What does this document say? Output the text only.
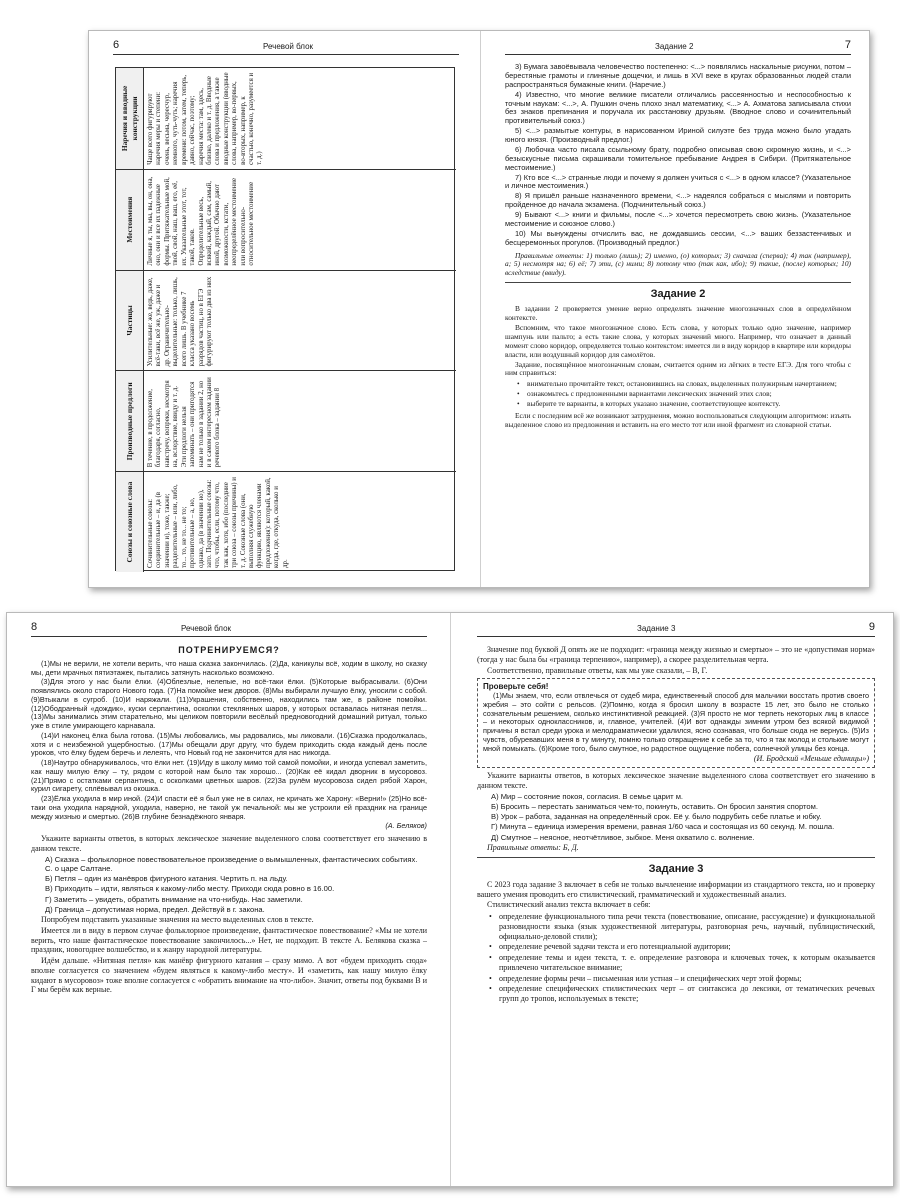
6	Речевой блок
Союзы и союзные слова	Сочинительные союзы: соединительные – и, да (в значении и), тоже, также; разделительные – или, либо, то... то, не то... не то; противительные – а, но, однако, да (в значении но), зато. Подчинительные союзы: что, чтобы, если, потому что, так как, хотя, ибо (последние три союза – союзы причины) и т. д. Союзные слова (они, выполняя служебную функцию, являются членами предложения): который, какой, когда, где, откуда, сколько и др.
Производные предлоги	В течение, в продолжение, благодаря, согласно, навстречу, вопреки, несмотря на, вследствие, ввиду и т. д. Эти предлоги нельзя запоминать – они пригодятся нам не только в задании 2, но и в самом интересном задании речевого блока – задании 8
Частицы	Усилительные: же, ведь, даже, всё-таки, всё же, уж, даже и др. Ограничительно-выделительные: только, лишь, всего лишь. В учебнике 7 класса указано восемь разрядов частиц, но в ЕГЭ фигурируют только два из них
Местоимения	Личные я, ты, мы, вы, он, она, оно, они и все их падежные формы. Притяжательные мой, твой, свой, наш, ваш, его, её, их. Указательные этот, тот, такой, таков. Определительные весь, всякий, каждый, сам, самый, иной, другой. Обычно дают возможности, кстати, неопределённое местоимение или вопросительно-относительное местоимение
Наречия и вводные конструкции	Чаще всего фигурируют наречия меры и степени: очень, весьма, чересчур, немного, чуть-чуть; наречия времени: потом, затем, теперь, давно, сейчас, поэтому; наречия места: там, здесь, близко, далеко и т. д. Вводные слова и предложения, а также вводные конструкции (вводные слова, например, во-первых, во-вторых, например, к счастью, конечно, разумеется и т. д.)
Задание 2	7

3) Бумага завоёвывала человечество постепенно: <...> появлялись наскальные рисунки, потом – берестяные грамоты и глиняные дощечки, и лишь в XVI веке в кругах образованных людей стали распространяться бумажные книги. (Наречие.)

4) Известно, что многие великие писатели отличались рассеянностью и неспособностью к точным наукам: <...>, А. Пушкин очень плохо знал математику, <...> А. Ахматова записывала стихи без знаков препинания и поручала их расстановку друзьям. (Вводное слово и сочинительный противительный союз.)

5) <...> размытые контуры, в нарисованном Ириной силуэте без труда можно было угадать юного князя. (Производный предлог.)

6) Любочка часто писала ссыльному брату, подробно описывая свою скромную жизнь, и <...> безыскусные письма скрашивали томительное пребывание Андрея в Сибири. (Притяжательное местоимение.)

7) Кто все <...> странные люди и почему я должен учиться с <...> в одном классе? (Указательное и личное местоимения.)

8) Я пришёл раньше назначенного времени, <...> надеялся собраться с мыслями и повторить пройденное до начала экзамена. (Подчинительный союз.)

9) Бывают <...> книги и фильмы, после <...> хочется пересмотреть свою жизнь. (Указательное местоимение и союзное слово.)

10) Мы вынуждены отчислить вас, не дождавшись сессии, <...> ваших беззастенчивых и бесцеремонных прогулов. (Производный предлог.)

Правильные ответы: 1) только (лишь); 2) именно, (о) которых; 3) сначала (сперва); 4) так (например), а; 5) несмотря на; 6) её; 7) эти, (с) ними; 8) потому что (так как, ибо); 9) такие, (после) которых; 10) вследствие (ввиду).

Задание 2

В задании 2 проверяется умение верно определять значение многозначных слов в определённом контексте.

Вспомним, что такое многозначное слово. Есть слова, у которых только одно значение, например шампунь или пальто; а есть такие слова, у которых значений много. Например, что означает в данный момент слово коридор, определяется только контекстом: имеется ли в виду коридор в квартире или коридоры власти, или воздушный коридор для самолётов.

Задание, посвящённое многозначным словам, считается одним из лёгких в тесте ЕГЭ. Для того чтобы с ним справиться:

• внимательно прочитайте текст, остановившись на словах, выделенных полужирным начертанием;
• ознакомьтесь с предложенными вариантами лексических значений этих слов;
• выберите те варианты, в которых указано значение, соответствующее контексту.

Если с последним всё же возникают затруднения, можно воспользоваться следующим алгоритмом: изъять выделенное слово из предложения и вставить на его место тот или иной фрагмент из словарной статьи.

8	Речевой блок
ПОТРЕНИРУЕМСЯ?

(1)Мы не верили, не хотели верить, что наша сказка закончилась. (2)Да, каникулы всё, ходим в школу, но сказку мы, дети мрачных пятиэтажек, пытались затянуть насколько возможно.

(3)Для этого у нас были ёлки. (4)Облезлые, нелепые, но всё-таки ёлки. (5)Которые выбрасывали. (6)Они появлялись около старого Нового года. (7)На помойке меж дворов. (8)Мы выбирали лучшую ёлку, уносили с собой. (9)Втыкали в сугроб. (10)И наряжали. (11)Украшения, собственно, находились там же, в районе помойки. (12)Ободранный «дождик», куски серпантина, осколки стеклянных шаров, у которых оставалась нитяная петля... (13)Мы занимались этим старательно, мы целиком повторили весёлый предновогодний домашний ритуал, только уже в стиле умирающего карнавала.

(14)И наконец ёлка была готова. (15)Мы любовались, мы радовались, мы ликовали. (16)Сказка продолжалась, хотя и с неизбежной ущербностью. (17)Мы обещали друг другу, что будем приходить сюда каждый день после уроков, что ёлку будем беречь и лелеять, что Новый год не закончится для нас никогда.

(18)Наутро обнаруживалось, что ёлки нет. (19)Иду в школу мимо той самой помойки, и иногда успевал заметить, как нашу милую ёлку – ту, рядом с которой нам было так хорошо... (20)Как её кидал дворник в мусоровоз. (21)Прямо с остатками серпантина, с осколками цветных шаров. (22)За рулём мусоровоза сидел рябой Харон, курил сигарету, сплёвывал из окошка.

(23)Ёлка уходила в мир иной. (24)И спасти её я был уже не в силах, не кричать же Харону: «Верни!» (25)Но всё-таки она уходила нарядной, уходила, наверно, не такой уж печальной: мы же устроили ей праздник на границе между жизнью и смертью. (26)В глубине безнадёжного января.

(А. Беляков)

Укажите варианты ответов, в которых лексическое значение выделенного слова соответствует его значению в данном тексте.

А) Сказка – фольклорное повествовательное произведение о вымышленных, фантастических событиях. С. о царе Салтане.
Б) Петля – один из манёвров фигурного катания. Чертить п. на льду.
В) Приходить – идти, являться к какому-либо месту. Приходи сюда ровно в 16.00.
Г) Заметить – увидеть, обратить внимание на что-нибудь. Нас заметили.
Д) Граница – допустимая норма, предел. Действуй в г. закона.

Попробуем подставить указанные значения на место выделенных слов в тексте.

Имеется ли в виду в первом случае фольклорное произведение, фантастическое повествование? «Мы не хотели верить, что наше фантастическое повествование закончилось...» Нет, не подходит. В тексте А. Белякова сказка – праздник, новогоднее волшебство, и к жанру народной литературы.

Идём дальше. «Нитяная петля» как манёвр фигурного катания – сразу мимо. А вот «будем приходить сюда» вполне согласуется со значением «будем являться к какому-либо месту». И «заметить, как нашу милую ёлку кидают в мусоровоз» тоже вполне согласуется с «обратить внимание на что-либо». Значит, ответы под буквами В и Г мы берём как верные.

Задание 3	9

Значение под буквой Д опять же не подходит: «граница между жизнью и смертью» – это не «допустимая норма» (тогда у нас была бы «граница терпению», например), а скорее разделительная черта.

Соответственно, правильные ответы, как мы уже сказали, – В, Г.

Проверьте себя!

(1)Мы знаем, что, если отвлечься от судеб мира, единственный способ для мальчики восстать против своего жребия – это сойти с рельсов. (2)Помню, когда я бросил школу в возрасте 15 лет, это было не столько сознательным решением, сколько инстинктивной реакцией. (3)Я просто не мог терпеть некоторых лиц в классе – и некоторых одноклассников, и, главное, учителей. (4)И вот однажды зимним утром без всякой видимой причины я встал среди урока и мелодраматически удалился, ясно сознавая, что больше сюда не вернусь. (5)Из чувств, обуревавших меня в ту минуту, помню только отвращение к себе за то, что я так молод и столькие могут мной помыкать. (6)Кроме того, было смутное, но радостное ощущение побега, солнечной улицы без конца.

(И. Бродский «Меньше единицы»)

Укажите варианты ответов, в которых лексическое значение выделенного слова соответствует его значению в данном тексте.

А) Мир – состояние покоя, согласия. В семье царит м.
Б) Бросить – перестать заниматься чем-то, покинуть, оставить. Он бросил занятия спортом.
В) Урок – работа, заданная на определённый срок. Её у. было подрубить себе платье и юбку.
Г) Минута – единица измерения времени, равная 1/60 часа и состоящая из 60 секунд. М. пошла.
Д) Смутное – неясное, неотчётливое, зыбкое. Меня охватило с. волнение.

Правильные ответы: Б, Д.

Задание 3

С 2023 года задание 3 включает в себя не только вычленение информации из стандартного текста, но и проверку вашего умения проводить его стилистический, грамматический и художественный анализ.

Стилистический анализ текста включает в себя:

• определение функционального типа речи текста (повествование, описание, рассуждение) и функциональной разновидности языка (язык художественной литературы, разговорная речь, научный, публицистический, официально-деловой стили);
• определение речевой задачи текста и его потенциальной аудитории;
• определение темы и идеи текста, т. е. определение разговора и ключевых точек, к которым оказывается привлечено читательское внимание;
• определение формы речи – письменная или устная – и специфических черт этой формы;
• определение специфических стилистических черт – от синтаксиса до лексики, от тематических речевых групп до тропов, используемых в тексте;
